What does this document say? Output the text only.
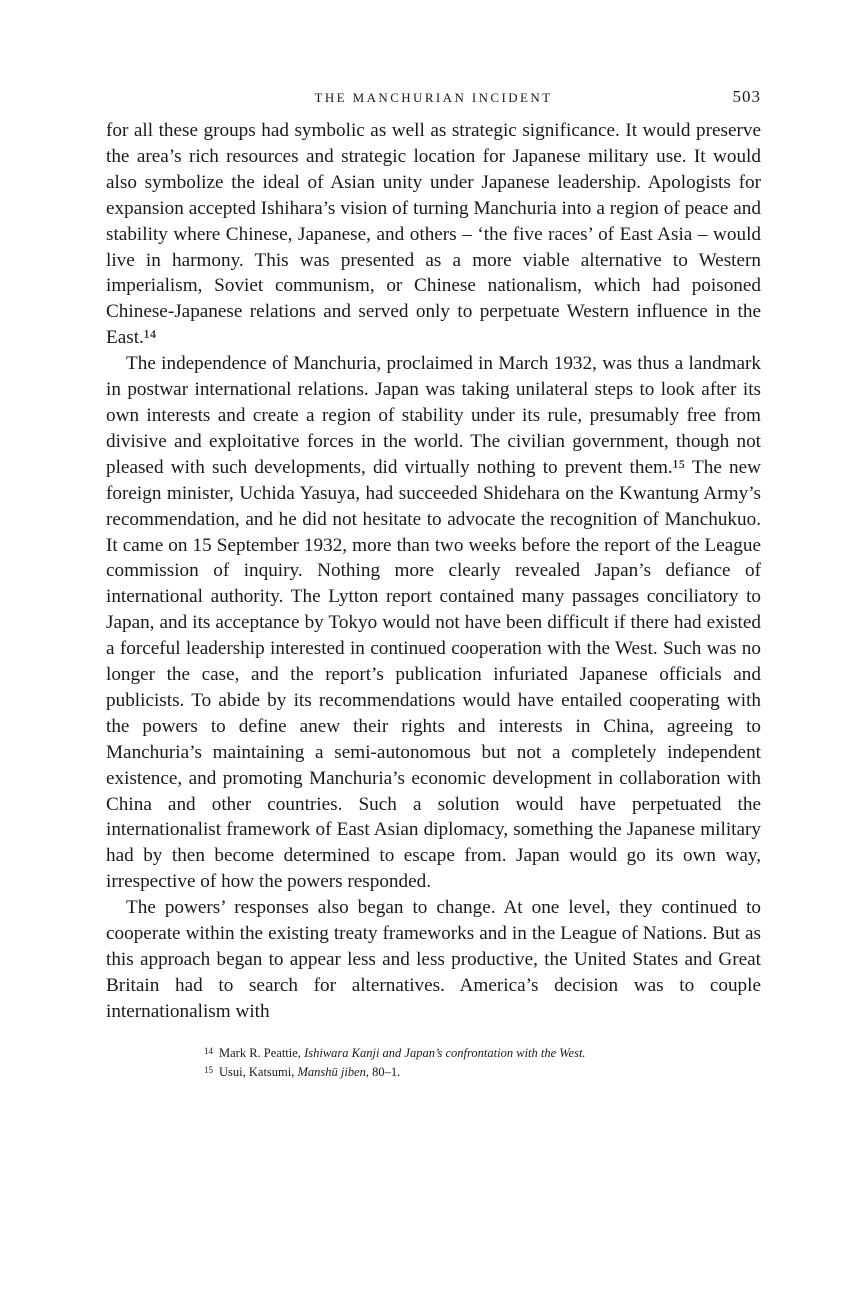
THE MANCHURIAN INCIDENT	503

for all these groups had symbolic as well as strategic significance. It would preserve the area’s rich resources and strategic location for Japanese military use. It would also symbolize the ideal of Asian unity under Japanese leadership. Apologists for expansion accepted Ishihara’s vision of turning Manchuria into a region of peace and stability where Chinese, Japanese, and others – ‘the five races’ of East Asia – would live in harmony. This was presented as a more viable alternative to Western imperialism, Soviet communism, or Chinese nationalism, which had poisoned Chinese-Japanese relations and served only to perpetuate Western influence in the East.¹⁴

The independence of Manchuria, proclaimed in March 1932, was thus a landmark in postwar international relations. Japan was taking unilateral steps to look after its own interests and create a region of stability under its rule, presumably free from divisive and exploitative forces in the world. The civilian government, though not pleased with such developments, did virtually nothing to prevent them.¹⁵ The new foreign minister, Uchida Yasuya, had succeeded Shidehara on the Kwantung Army’s recommendation, and he did not hesitate to advocate the recognition of Manchukuo. It came on 15 September 1932, more than two weeks before the report of the League commission of inquiry. Nothing more clearly revealed Japan’s defiance of international authority. The Lytton report contained many passages conciliatory to Japan, and its acceptance by Tokyo would not have been difficult if there had existed a forceful leadership interested in continued cooperation with the West. Such was no longer the case, and the report’s publication infuriated Japanese officials and publicists. To abide by its recommendations would have entailed cooperating with the powers to define anew their rights and interests in China, agreeing to Manchuria’s maintaining a semi-autonomous but not a completely independent existence, and promoting Manchuria’s economic development in collaboration with China and other countries. Such a solution would have perpetuated the internationalist framework of East Asian diplomacy, something the Japanese military had by then become determined to escape from. Japan would go its own way, irrespective of how the powers responded.

The powers’ responses also began to change. At one level, they continued to cooperate within the existing treaty frameworks and in the League of Nations. But as this approach began to appear less and less productive, the United States and Great Britain had to search for alternatives. America’s decision was to couple internationalism with

$^{14}$ Mark R. Peattie, Ishiwara Kanji and Japan’s confrontation with the West.

$^{15}$ Usui, Katsumi, Manshū jiben, 80–1.
